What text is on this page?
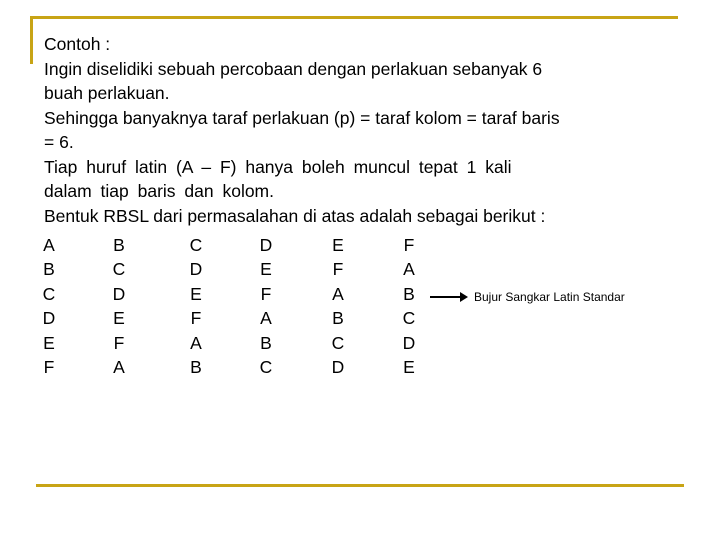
Contoh :
Ingin diselidiki sebuah percobaan dengan perlakuan sebanyak 6
buah perlakuan.
Sehingga banyaknya taraf perlakuan (p) = taraf kolom = taraf baris
= 6.
Tiap huruf latin (A – F) hanya boleh muncul tepat 1 kali
dalam tiap baris dan kolom.
Bentuk RBSL dari permasalahan di atas adalah sebagai berikut :
A	B	C	D	E	F
B	C	D	E	F	A
C	D	E	F	A	B
D	E	F	A	B	C
E	F	A	B	C	D
F	A	B	C	D	E
Bujur Sangkar Latin Standar
